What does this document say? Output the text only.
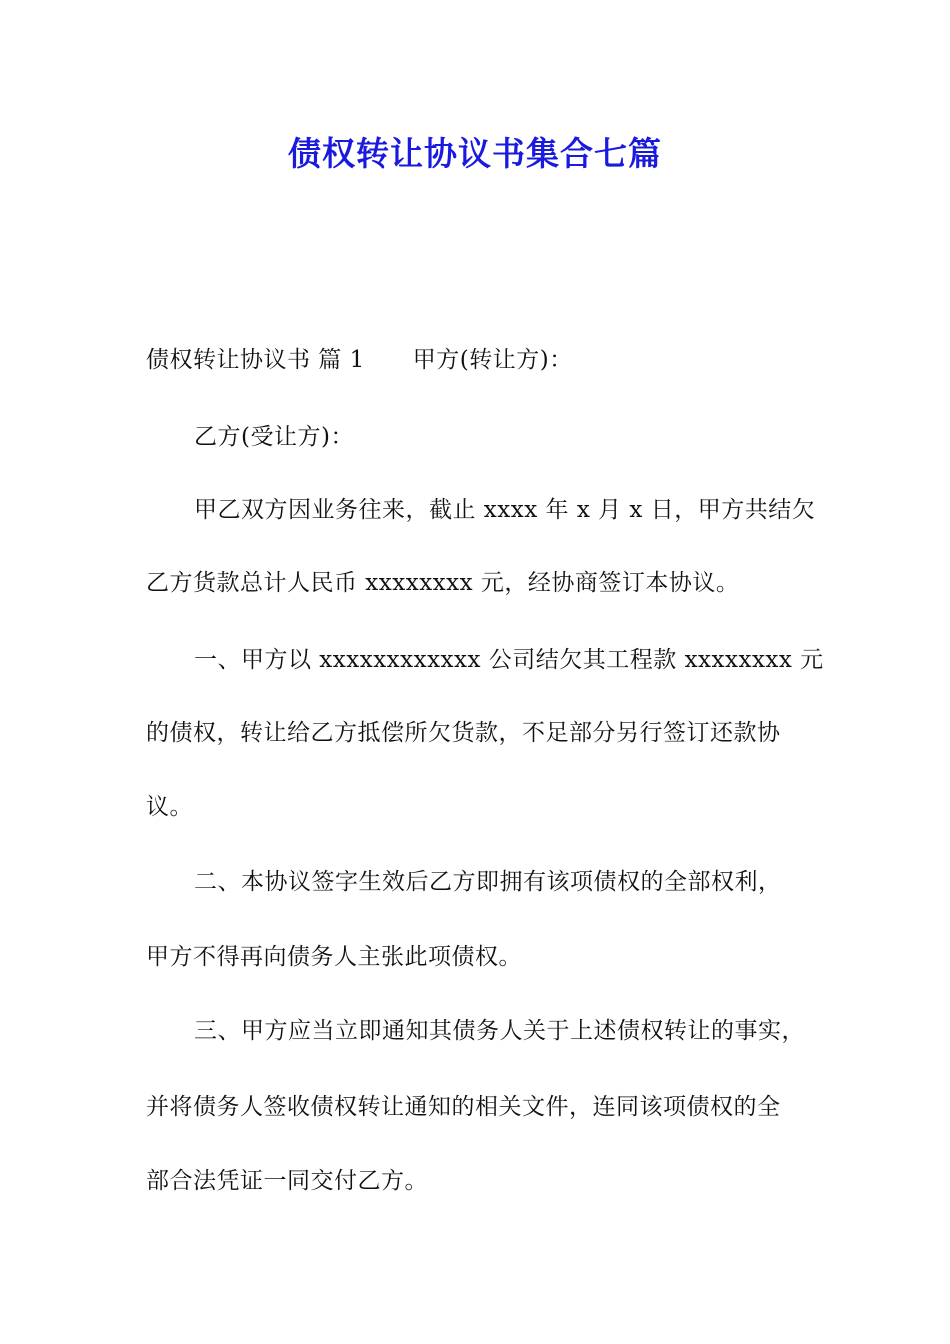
债权转让协议书集合七篇
债权转让协议书 篇 1 甲方(转让方)：
乙方(受让方)：
甲乙双方因业务往来，截止 xxxx 年 x 月 x 日，甲方共结欠
乙方货款总计人民币 xxxxxxxx 元，经协商签订本协议。
一、甲方以 xxxxxxxxxxxx 公司结欠其工程款 xxxxxxxx 元
的债权，转让给乙方抵偿所欠货款，不足部分另行签订还款协
议。
二、本协议签字生效后乙方即拥有该项债权的全部权利，
甲方不得再向债务人主张此项债权。
三、甲方应当立即通知其债务人关于上述债权转让的事实，
并将债务人签收债权转让通知的相关文件，连同该项债权的全
部合法凭证一同交付乙方。
